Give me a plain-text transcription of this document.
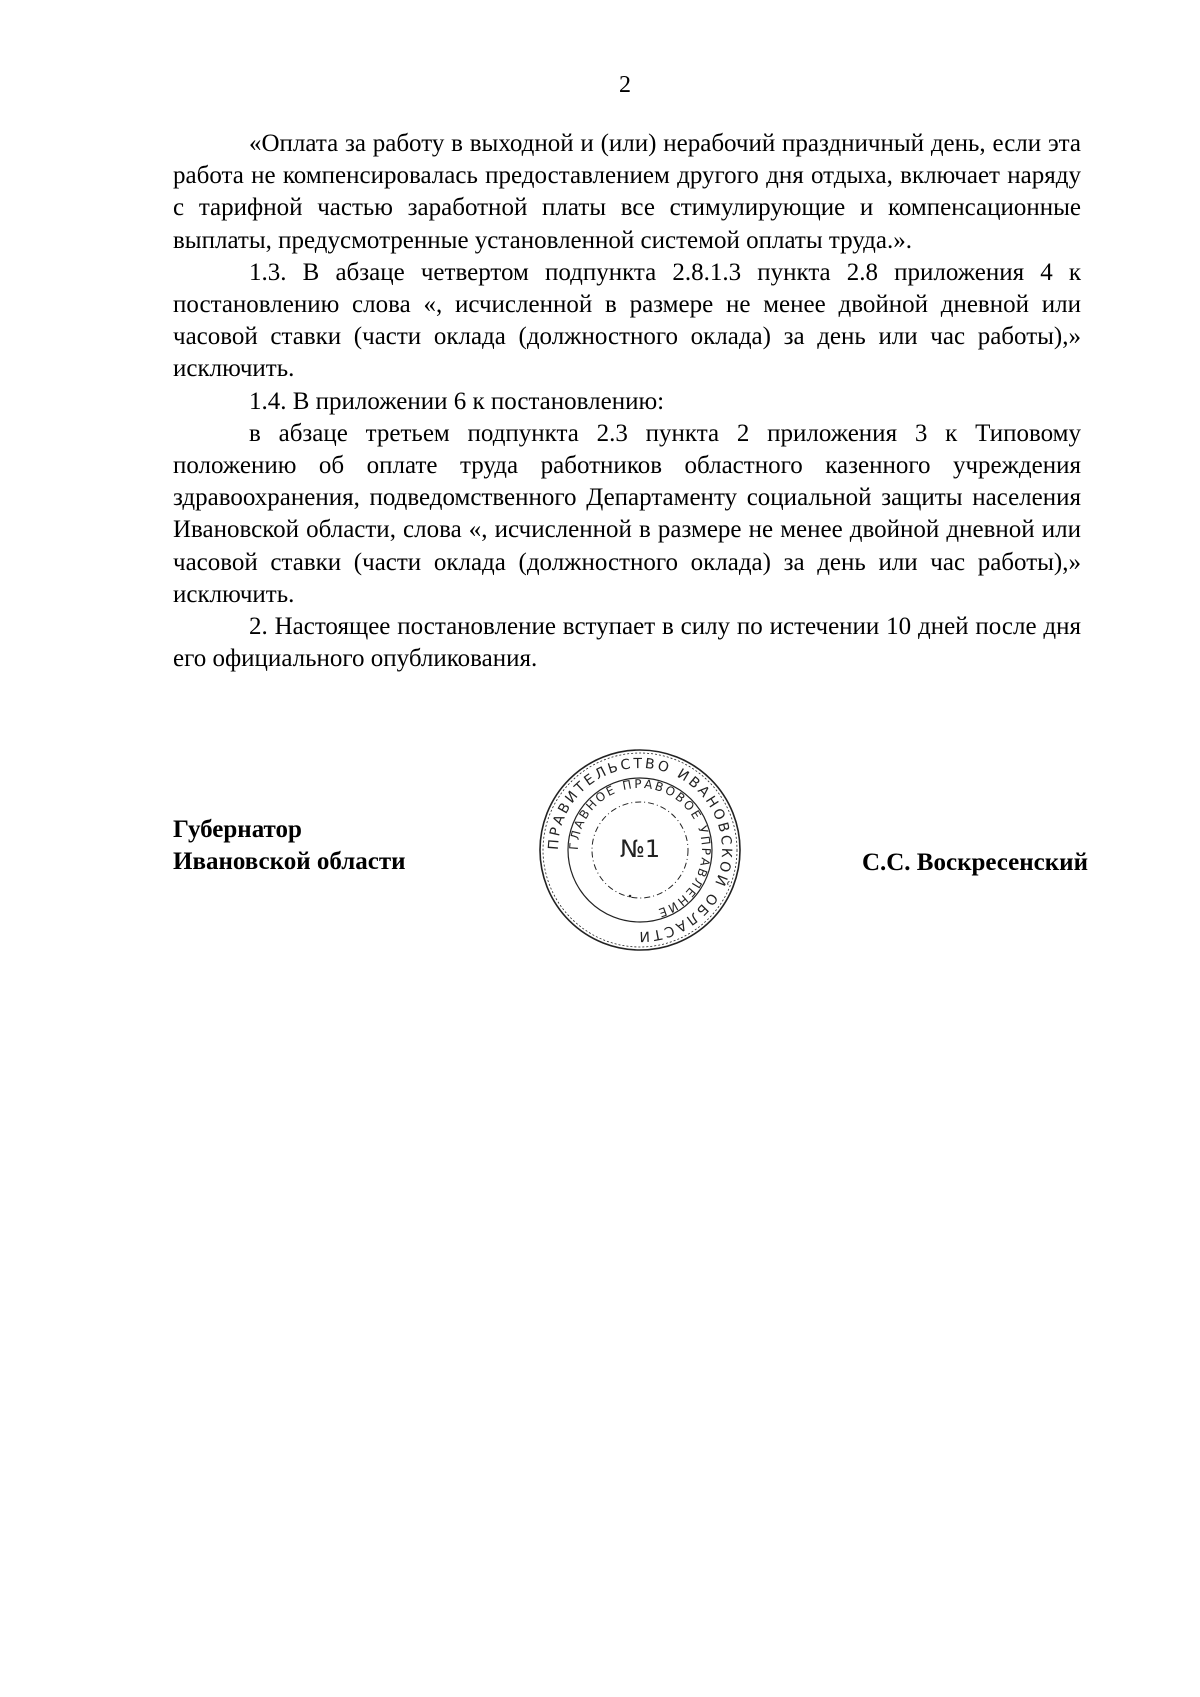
2

«Оплата за работу в выходной и (или) нерабочий праздничный день, если эта работа не компенсировалась предоставлением другого дня отдыха, включает наряду с тарифной частью заработной платы все стимулирующие и компенсационные выплаты, предусмотренные установленной системой оплаты труда.».

1.3. В абзаце четвертом подпункта 2.8.1.3 пункта 2.8 приложения 4 к постановлению слова «, исчисленной в размере не менее двойной дневной или часовой ставки (части оклада (должностного оклада) за день или час работы),» исключить.

1.4. В приложении 6 к постановлению:

в абзаце третьем подпункта 2.3 пункта 2 приложения 3 к Типовому положению об оплате труда работников областного казенного учреждения здравоохранения, подведомственного Департаменту социальной защиты населения Ивановской области, слова «, исчисленной в размере не менее двойной дневной или часовой ставки (части оклада (должностного оклада) за день или час работы),» исключить.

2. Настоящее постановление вступает в силу по истечении 10 дней после дня его официального опубликования.

Губернатор
Ивановской области
ПРАВИТЕЛЬСТВО ИВАНОВСКОЙ ОБЛАСТИ
ГЛАВНОЕ ПРАВОВОЕ УПРАВЛЕНИЕ
№1	С.С. Воскресенский
